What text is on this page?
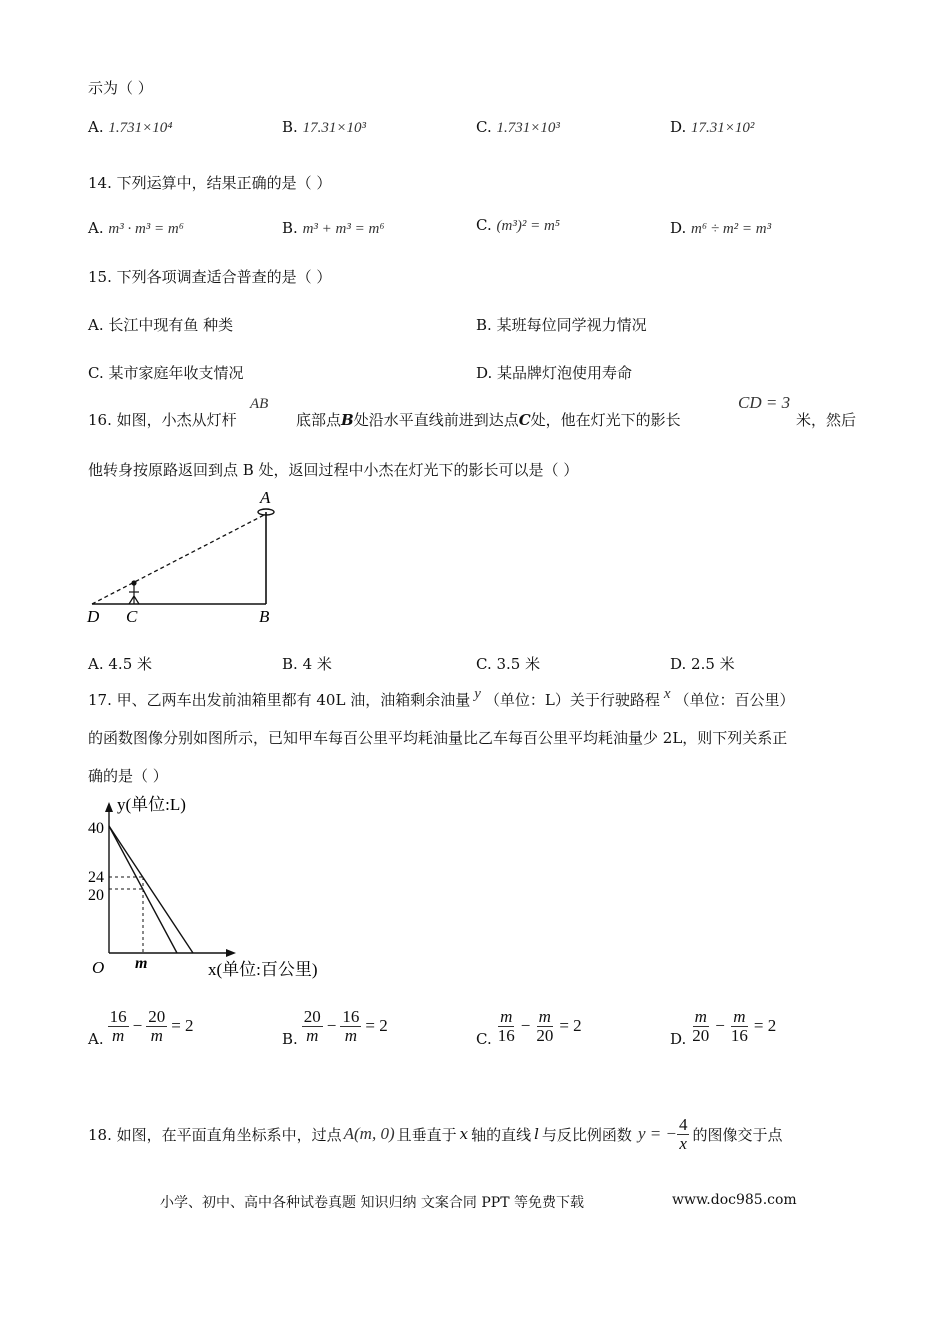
示为（ ）
A. 1.731×10⁴	B. 17.31×10³	C. 1.731×10³	D. 17.31×10²
14. 下列运算中，结果正确的是（ ）
A. m³ · m³ = m⁶	B. m³ + m³ = m⁶	C. (m³)² = m⁵	D. m⁶ ÷ m² = m³
15. 下列各项调查适合普查的是（ ）
A. 长江中现有鱼 种类	B. 某班每位同学视力情况
C. 某市家庭年收支情况	D. 某品牌灯泡使用寿命
16. 如图，小杰从灯杆
AB
底部点B处沿水平直线前进到达点C处，他在灯光下的影长
CD = 3
米，然后
他转身按原路返回到点 B 处，返回过程中小杰在灯光下的影长可以是（ ）
A
B
C
D
A. 4.5 米	B. 4 米	C. 3.5 米	D. 2.5 米
17. 甲、乙两车出发前油箱里都有 40L 油，油箱剩余油量 y （单位：L）关于行驶路程 x （单位：百公里）
的函数图像分别如图所示，已知甲车每百公里平均耗油量比乙车每百公里平均耗油量少 2L，则下列关系正
确的是（ ）
y(单位:L)
x(单位:百公里)
O
40
24
20
m
A. $\frac{16}{m} - \frac{20}{m} = 2$
B. $\frac{20}{m} - \frac{16}{m} = 2$
C. $\frac{m}{16} - \frac{m}{20} = 2$
D. $\frac{m}{20} - \frac{m}{16} = 2$
18. 如图，在平面直角坐标系中，过点 A(m, 0) 且垂直于 x 轴的直线 l 与反比例函数 y = − $\frac{4}{x}$ 的图像交于点
小学、初中、高中各种试卷真题 知识归纳 文案合同 PPT 等免费下载	www.doc985.com
